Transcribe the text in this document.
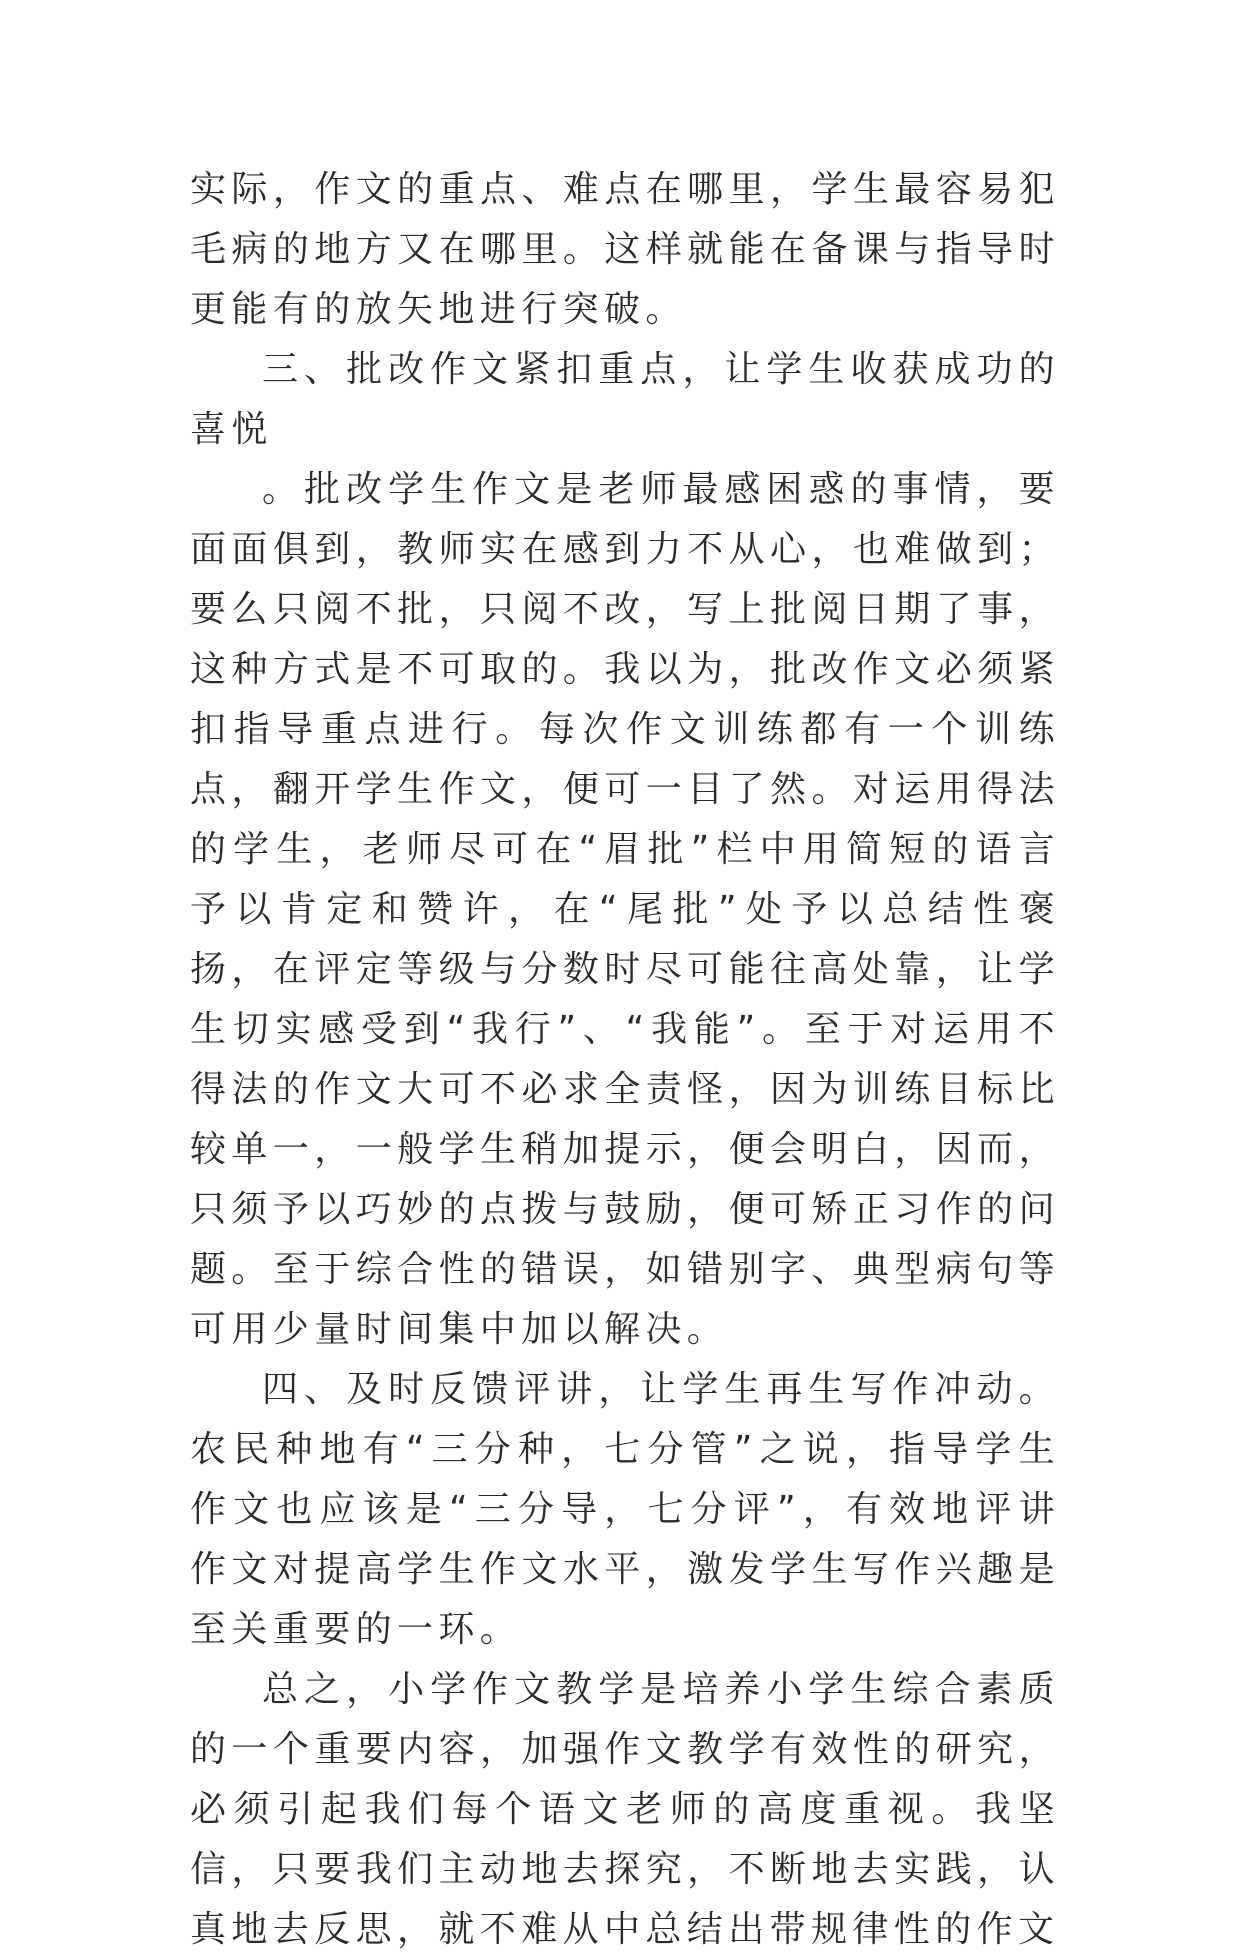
实际，作文的重点、难点在哪里，学生最容易犯毛病的地方又在哪里。这样就能在备课与指导时更能有的放矢地进行突破。

三、批改作文紧扣重点，让学生收获成功的喜悦

。批改学生作文是老师最感困惑的事情，要面面俱到，教师实在感到力不从心，也难做到；要么只阅不批，只阅不改，写上批阅日期了事，这种方式是不可取的。我以为，批改作文必须紧扣指导重点进行。每次作文训练都有一个训练点，翻开学生作文，便可一目了然。对运用得法的学生，老师尽可在“眉批”栏中用简短的语言予以肯定和赞许，在“尾批”处予以总结性褒扬，在评定等级与分数时尽可能往高处靠，让学生切实感受到“我行”、“我能”。至于对运用不得法的作文大可不必求全责怪，因为训练目标比较单一，一般学生稍加提示，便会明白，因而，只须予以巧妙的点拨与鼓励，便可矫正习作的问题。至于综合性的错误，如错别字、典型病句等可用少量时间集中加以解决。

四、及时反馈评讲，让学生再生写作冲动。农民种地有“三分种，七分管”之说，指导学生作文也应该是“三分导，七分评”，有效地评讲作文对提高学生作文水平，激发学生写作兴趣是至关重要的一环。

总之，小学作文教学是培养小学生综合素质的一个重要内容，加强作文教学有效性的研究，必须引起我们每个语文老师的高度重视。我坚信，只要我们主动地去探究，不断地去实践，认真地去反思，就不难从中总结出带规律性的作文
